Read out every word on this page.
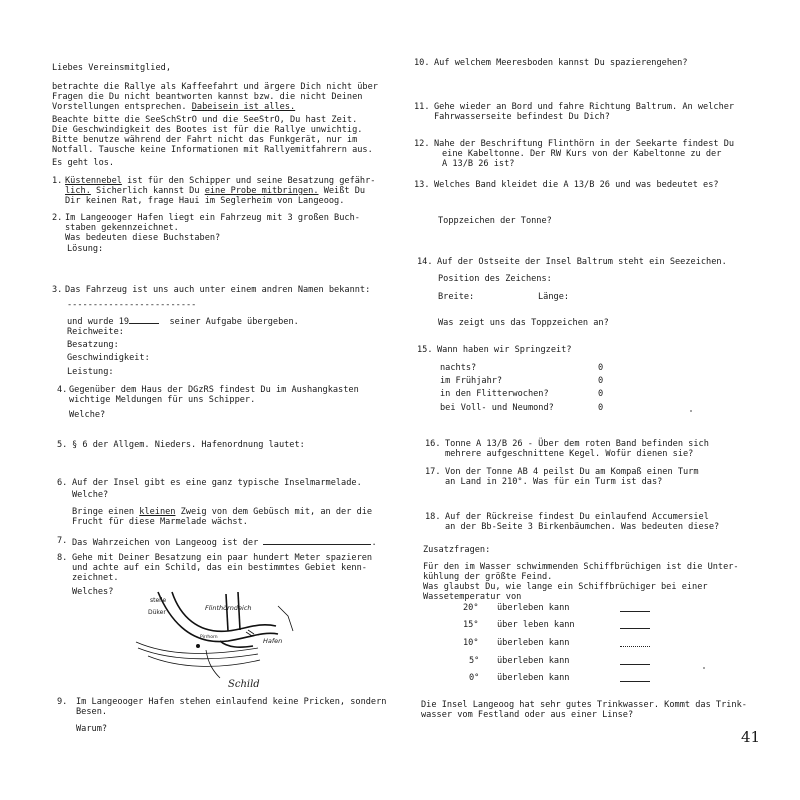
Liebes Vereinsmitglied,
betrachte die Rallye als Kaffeefahrt und ärgere Dich nicht über
Fragen die Du nicht beantworten kannst bzw. die nicht Deinen
Vorstellungen entsprechen. Dabeisein ist alles.
Beachte bitte die SeeSchStrO und die SeeStrO, Du hast Zeit.
Die Geschwindigkeit des Bootes ist für die Rallye unwichtig.
Bitte benutze während der Fahrt nicht das Funkgerät, nur im
Notfall. Tausche keine Informationen mit Rallyemitfahrern aus.
Es geht los.
1. Küstennebel ist für den Schipper und seine Besatzung gefähr-
lich. Sicherlich kannst Du eine Probe mitbringen. Weißt Du
Dir keinen Rat, frage Haui im Seglerheim von Langeoog.
2. Im Langeooger Hafen liegt ein Fahrzeug mit 3 großen Buch-
staben gekennzeichnet.
Was bedeuten diese Buchstaben?
Lösung:
3. Das Fahrzeug ist uns auch unter einem andren Namen bekannt:
-------------------------
und wurde 19	seiner Aufgabe übergeben.
Reichweite:
Besatzung:
Geschwindigkeit:
Leistung:
4. Gegenüber dem Haus der DGzRS findest Du im Aushangkasten
wichtige Meldungen für uns Schipper.
Welche?
5. § 6 der Allgem. Nieders. Hafenordnung lautet:
6. Auf der Insel gibt es eine ganz typische Inselmarmelade.
Welche?
Bringe einen kleinen Zweig von dem Gebüsch mit, an der die
Frucht für diese Marmelade wächst.
7. Das Wahrzeichen von Langeoog ist der	.
8. Gehe mit Deiner Besatzung ein paar hundert Meter spazieren
und achte auf ein Schild, das ein bestimmtes Gebiet kenn-
zeichnet.
Welches?
stelle
Düker
Flinthörndeich
Pirrhorn	Hafen
Schild
9. Im Langeooger Hafen stehen einlaufend keine Pricken, sondern
Besen.
Warum?
10. Auf welchem Meeresboden kannst Du spazierengehen?
11. Gehe wieder an Bord und fahre Richtung Baltrum. An welcher
Fahrwasserseite befindest Du Dich?
12. Nahe der Beschriftung Flinthörn in der Seekarte findest Du
eine Kabeltonne. Der RW Kurs von der Kabeltonne zu der
A 13/B 26 ist?
13. Welches Band kleidet die A 13/B 26 und was bedeutet es?
Toppzeichen der Tonne?
14. Auf der Ostseite der Insel Baltrum steht ein Seezeichen.
Position des Zeichens:
Breite:	Länge:
Was zeigt uns das Toppzeichen an?
15. Wann haben wir Springzeit?
nachts?	0
im Frühjahr?	0
in den Flitterwochen?	0
bei Voll- und Neumond?	0
16. Tonne A 13/B 26 - Über dem roten Band befinden sich
mehrere aufgeschnittene Kegel. Wofür dienen sie?
17. Von der Tonne AB 4 peilst Du am Kompaß einen Turm
an Land in 210°. Was für ein Turm ist das?
18. Auf der Rückreise findest Du einlaufend Accumersiel
an der Bb-Seite 3 Birkenbäumchen. Was bedeuten diese?
Zusatzfragen:
Für den im Wasser schwimmenden Schiffbrüchigen ist die Unter-
kühlung der größte Feind.
Was glaubst Du, wie lange ein Schiffbrüchiger bei einer
Wassetemperatur von
20° überleben kann
15° über leben kann
10° überleben kann
5° überleben kann
0° überleben kann
Die Insel Langeoog hat sehr gutes Trinkwasser. Kommt das Trink-
wasser vom Festland oder aus einer Linse?
41
